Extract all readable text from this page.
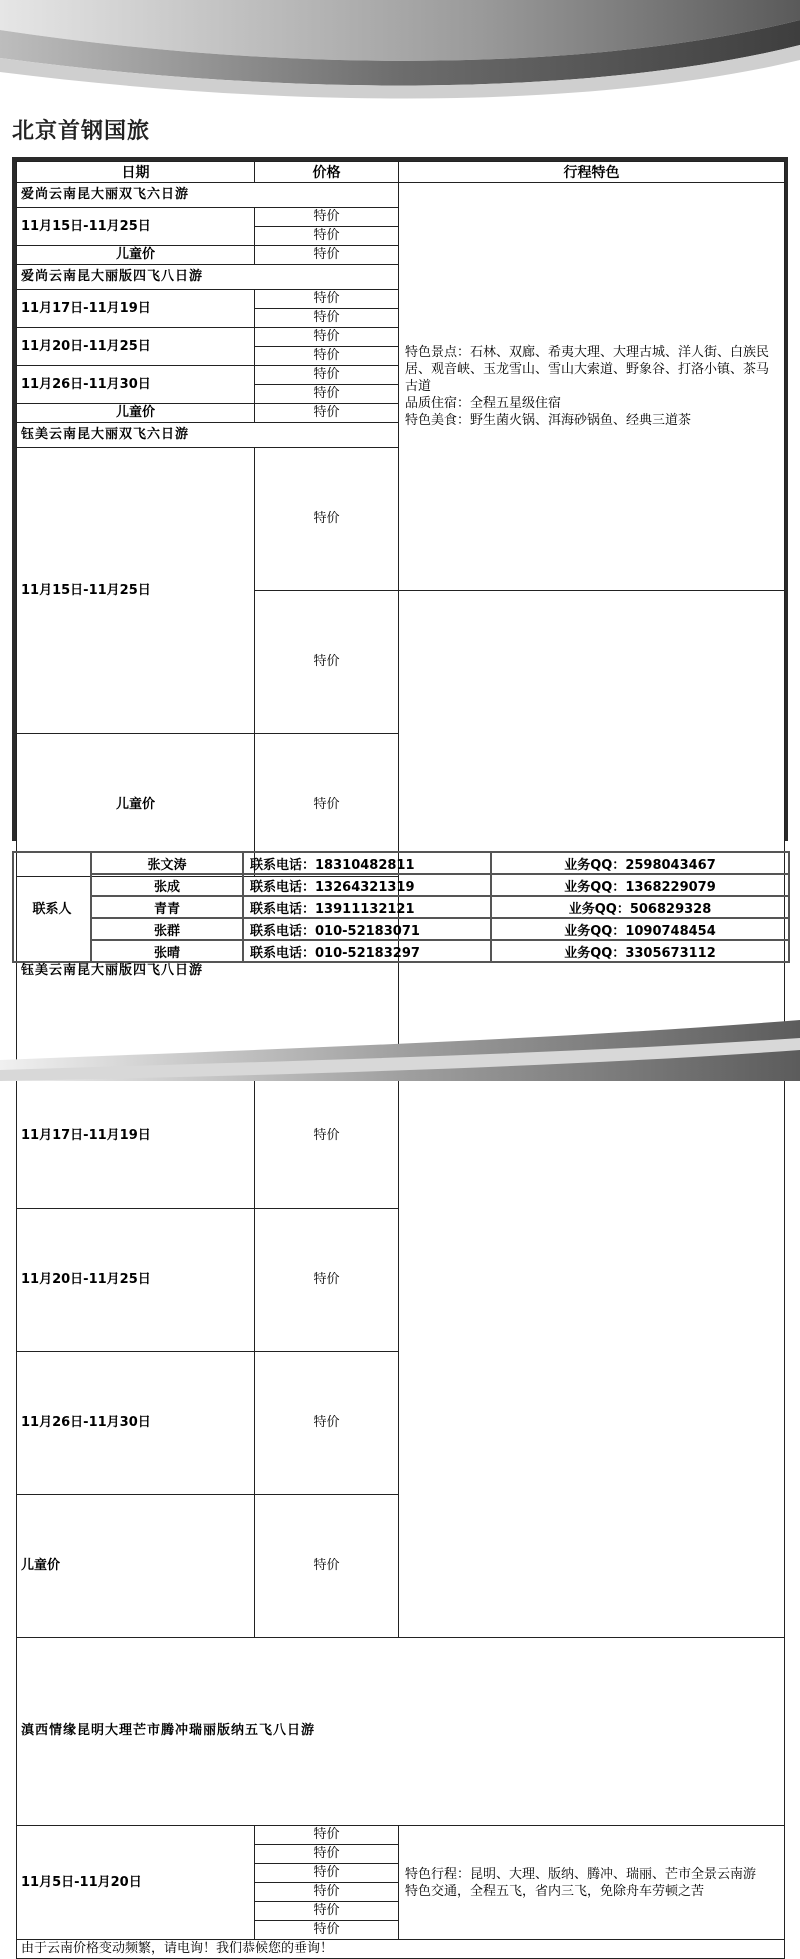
北京首钢国旅
日期	价格	行程特色	
爱尚云南昆大丽双飞六日游		特色景点：石林、双廊、希夷大理、大理古城、洋人街、白族民居、观音峡、玉龙雪山、雪山大索道、野象谷、打洛小镇、茶马古道

品质住宿：全程五星级住宿

特色美食：野生菌火锅、洱海砂锅鱼、经典三道茶	

11月15日-11月25日	特价		
	特价		
儿童价	特价		
爱尚云南昆大丽版四飞八日游			
11月17日-11月19日	特价		
	特价		
11月20日-11月25日	特价		
	特价		
11月26日-11月30日	特价		
	特价		
儿童价	特价		
钰美云南昆大丽双飞六日游			
11月15日-11月25日	特价	

	特价		
儿童价	特价		
钰美云南昆大丽版四飞八日游			
11月17日-11月19日	特价		
11月20日-11月25日	特价		
11月26日-11月30日	特价		
儿童价	特价		
滇西情缘昆明大理芒市腾冲瑞丽版纳五飞八日游			
11月5日-11月20日	特价	特色行程：昆明、大理、版纳、腾冲、瑞丽、芒市全景云南游

特色交通，全程五飞，省内三飞，免除舟车劳顿之苦	

	特价		
	特价		
	特价		
	特价		
	特价		
由于云南价格变动频繁，请电询！我们恭候您的垂询！			
联系人	张文涛	联系电话：18310482811	业务QQ：2598043467
	张成	联系电话：13264321319	业务QQ：1368229079
	青青	联系电话：13911132121	业务QQ：506829328
	张群	联系电话：010-52183071	业务QQ：1090748454
	张晴	联系电话：010-52183297	业务QQ：3305673112
